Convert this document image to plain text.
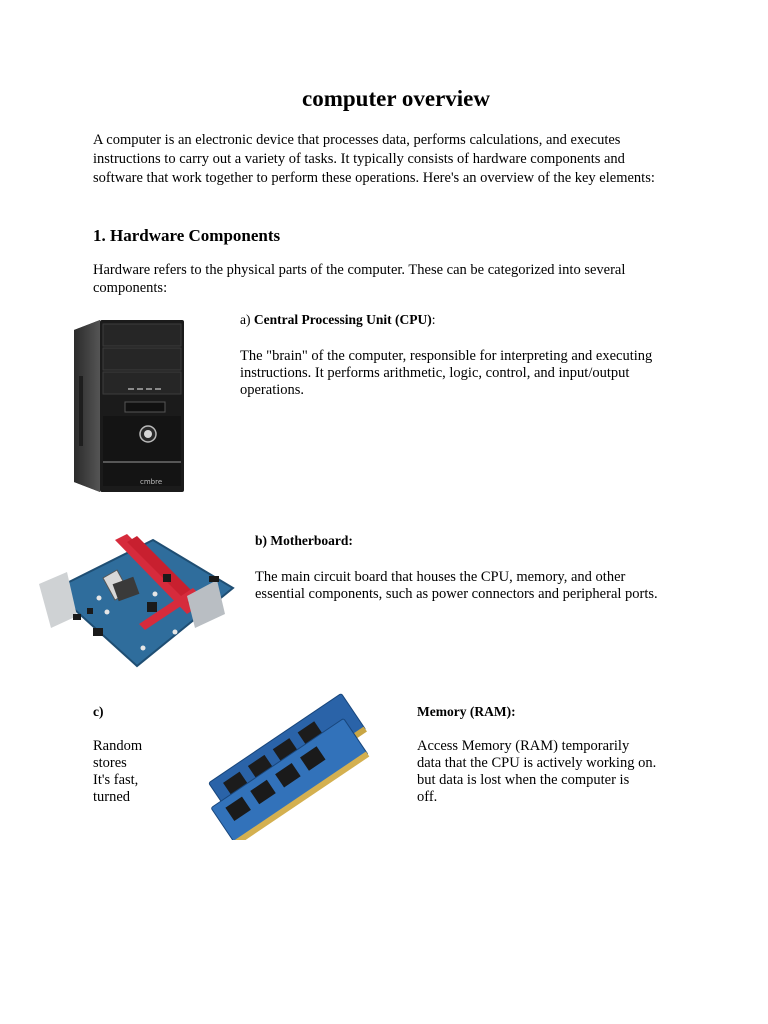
computer overview
A computer is an electronic device that processes data, performs calculations, and executes instructions to carry out a variety of tasks. It typically consists of hardware components and software that work together to perform these operations. Here's an overview of the key elements:
1. Hardware Components
Hardware refers to the physical parts of the computer. These can be categorized into several components:
cmbre
a) Central Processing Unit (CPU):
The "brain" of the computer, responsible for interpreting and executing instructions. It performs arithmetic, logic, control, and input/output operations.
b) Motherboard:
The main circuit board that houses the CPU, memory, and other essential components, such as power connectors and peripheral ports.
c)
Random
stores
It's fast,
turned
Memory (RAM):
Access Memory (RAM) temporarily
data that the CPU is actively working on.
but data is lost when the computer is
off.
